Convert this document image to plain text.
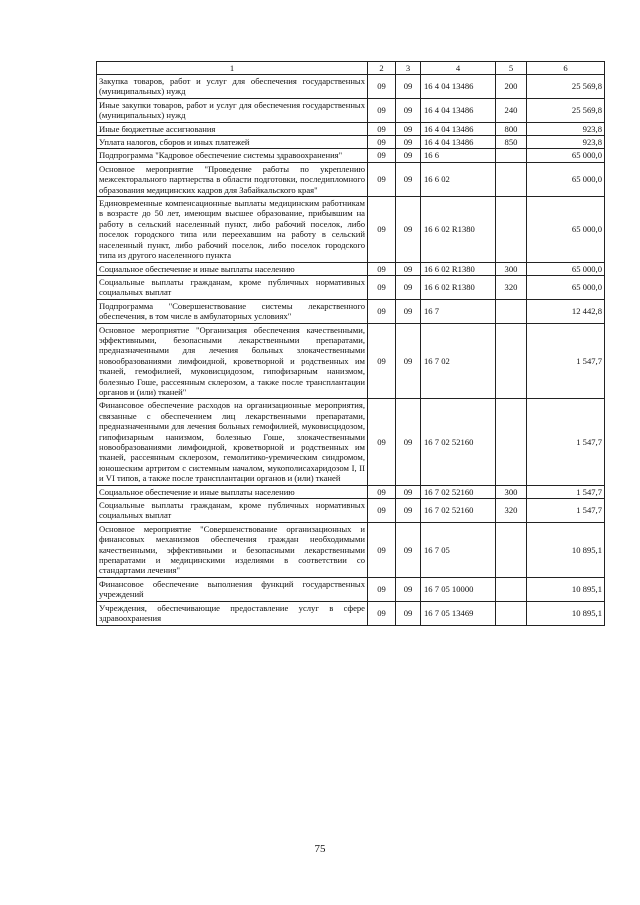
1	2	3	4	5	6
Закупка товаров, работ и услуг для обеспечения государственных (муниципальных) нужд	09	09	16 4 04 13486	200	25 569,8
Иные закупки товаров, работ и услуг для обеспечения государственных (муниципальных) нужд	09	09	16 4 04 13486	240	25 569,8
Иные бюджетные ассигнования	09	09	16 4 04 13486	800	923,8
Уплата налогов, сборов и иных платежей	09	09	16 4 04 13486	850	923,8
Подпрограмма "Кадровое обеспечение системы здравоохранения"	09	09	16 6		65 000,0
Основное мероприятие "Проведение работы по укреплению межсекторального партнерства в области подготовки, последипломного образования медицинских кадров для Забайкальского края"	09	09	16 6 02		65 000,0
Единовременные компенсационные выплаты медицинским работникам в возрасте до 50 лет, имеющим высшее образование, прибывшим на работу в сельский населенный пункт, либо рабочий поселок, либо поселок городского типа или переехавшим на работу в сельский населенный пункт, либо рабочий поселок, либо поселок городского типа из другого населенного пункта	09	09	16 6 02 R1380		65 000,0
Социальное обеспечение и иные выплаты населению	09	09	16 6 02 R1380	300	65 000,0
Социальные выплаты гражданам, кроме публичных нормативных социальных выплат	09	09	16 6 02 R1380	320	65 000,0
Подпрограмма "Совершенствование системы лекарственного обеспечения, в том числе в амбулаторных условиях"	09	09	16 7		12 442,8
Основное мероприятие "Организация обеспечения качественными, эффективными, безопасными лекарственными препаратами, предназначенными для лечения больных злокачественными новообразованиями лимфоидной, кроветворной и родственных им тканей, гемофилией, муковисцидозом, гипофизарным нанизмом, болезнью Гоше, рассеянным склерозом, а также после трансплантации органов и (или) тканей"	09	09	16 7 02		1 547,7
Финансовое обеспечение расходов на организационные мероприятия, связанные с обеспечением лиц лекарственными препаратами, предназначенными для лечения больных гемофилией, муковисцидозом, гипофизарным нанизмом, болезнью Гоше, злокачественными новообразованиями лимфоидной, кроветворной и родственных им тканей, рассеянным склерозом, гемолитико-уремическим синдромом, юношеским артритом с системным началом, мукополисахаридозом I, II и VI типов, а также после трансплантации органов и (или) тканей	09	09	16 7 02 52160		1 547,7
Социальное обеспечение и иные выплаты населению	09	09	16 7 02 52160	300	1 547,7
Социальные выплаты гражданам, кроме публичных нормативных социальных выплат	09	09	16 7 02 52160	320	1 547,7
Основное мероприятие "Совершенствование организационных и финансовых механизмов обеспечения граждан необходимыми качественными, эффективными и безопасными лекарственными препаратами и медицинскими изделиями в соответствии со стандартами лечения"	09	09	16 7 05		10 895,1
Финансовое обеспечение выполнения функций государственных учреждений	09	09	16 7 05 10000		10 895,1
Учреждения, обеспечивающие предоставление услуг в сфере здравоохранения	09	09	16 7 05 13469		10 895,1
75
